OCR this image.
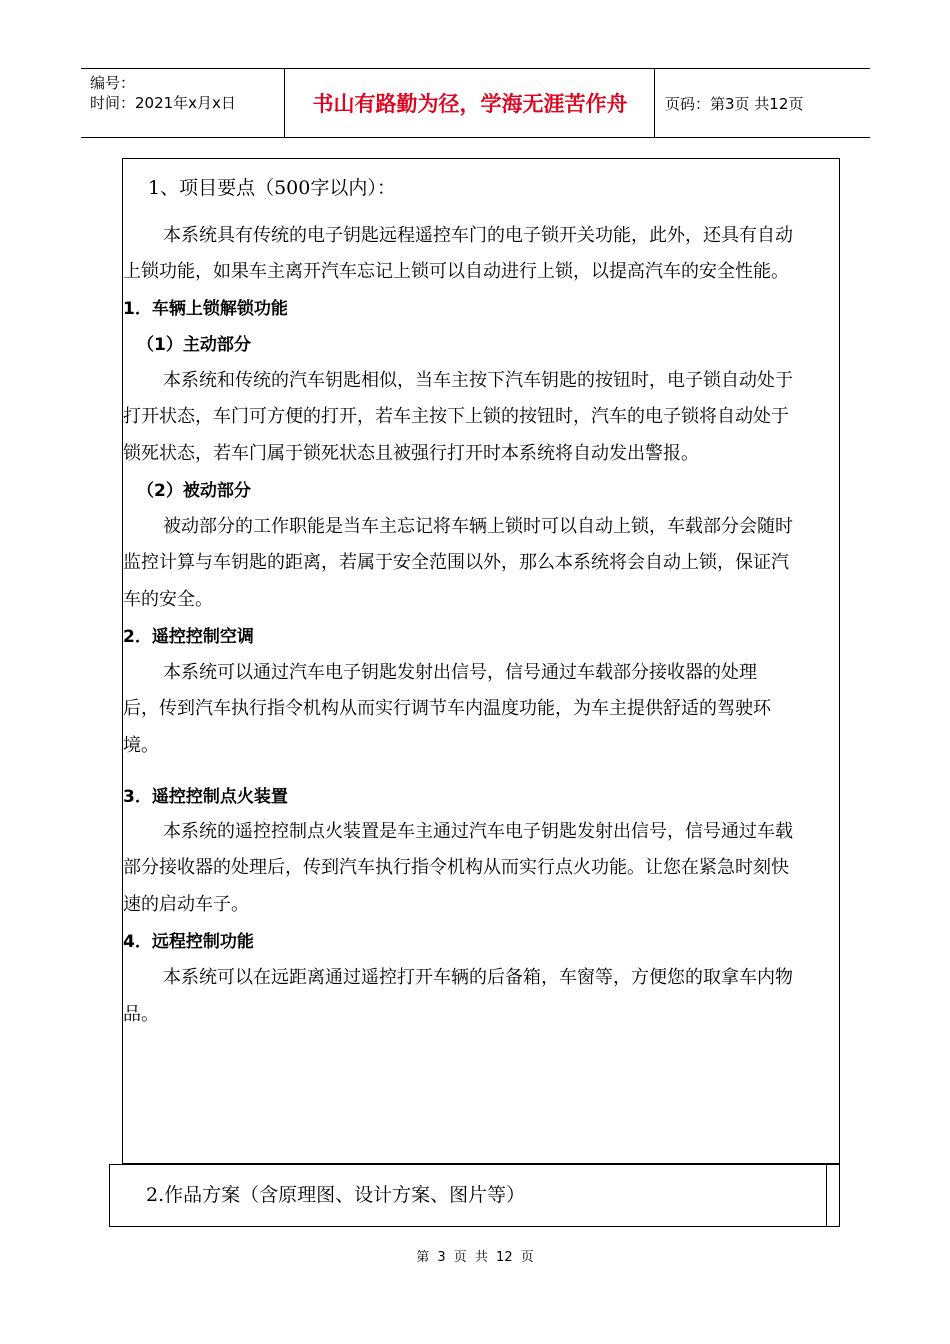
编号：
时间：2021年x月x日	书山有路勤为径，学海无涯苦作舟	页码：第3页 共12页
1、项目要点（500字以内）：
本系统具有传统的电子钥匙远程遥控车门的电子锁开关功能，此外，还具有自动
上锁功能，如果车主离开汽车忘记上锁可以自动进行上锁，以提高汽车的安全性能。
1．车辆上锁解锁功能
（1）主动部分
本系统和传统的汽车钥匙相似，当车主按下汽车钥匙的按钮时，电子锁自动处于
打开状态，车门可方便的打开，若车主按下上锁的按钮时，汽车的电子锁将自动处于
锁死状态，若车门属于锁死状态且被强行打开时本系统将自动发出警报。
（2）被动部分
被动部分的工作职能是当车主忘记将车辆上锁时可以自动上锁，车载部分会随时
监控计算与车钥匙的距离，若属于安全范围以外，那么本系统将会自动上锁，保证汽
车的安全。
2．遥控控制空调
本系统可以通过汽车电子钥匙发射出信号，信号通过车载部分接收器的处理
后，传到汽车执行指令机构从而实行调节车内温度功能，为车主提供舒适的驾驶环
境。
3．遥控控制点火装置
本系统的遥控控制点火装置是车主通过汽车电子钥匙发射出信号，信号通过车载
部分接收器的处理后，传到汽车执行指令机构从而实行点火功能。让您在紧急时刻快
速的启动车子。
4．远程控制功能
本系统可以在远距离通过遥控打开车辆的后备箱，车窗等，方便您的取拿车内物
品。
2.作品方案（含原理图、设计方案、图片等）
第 3 页 共 12 页
